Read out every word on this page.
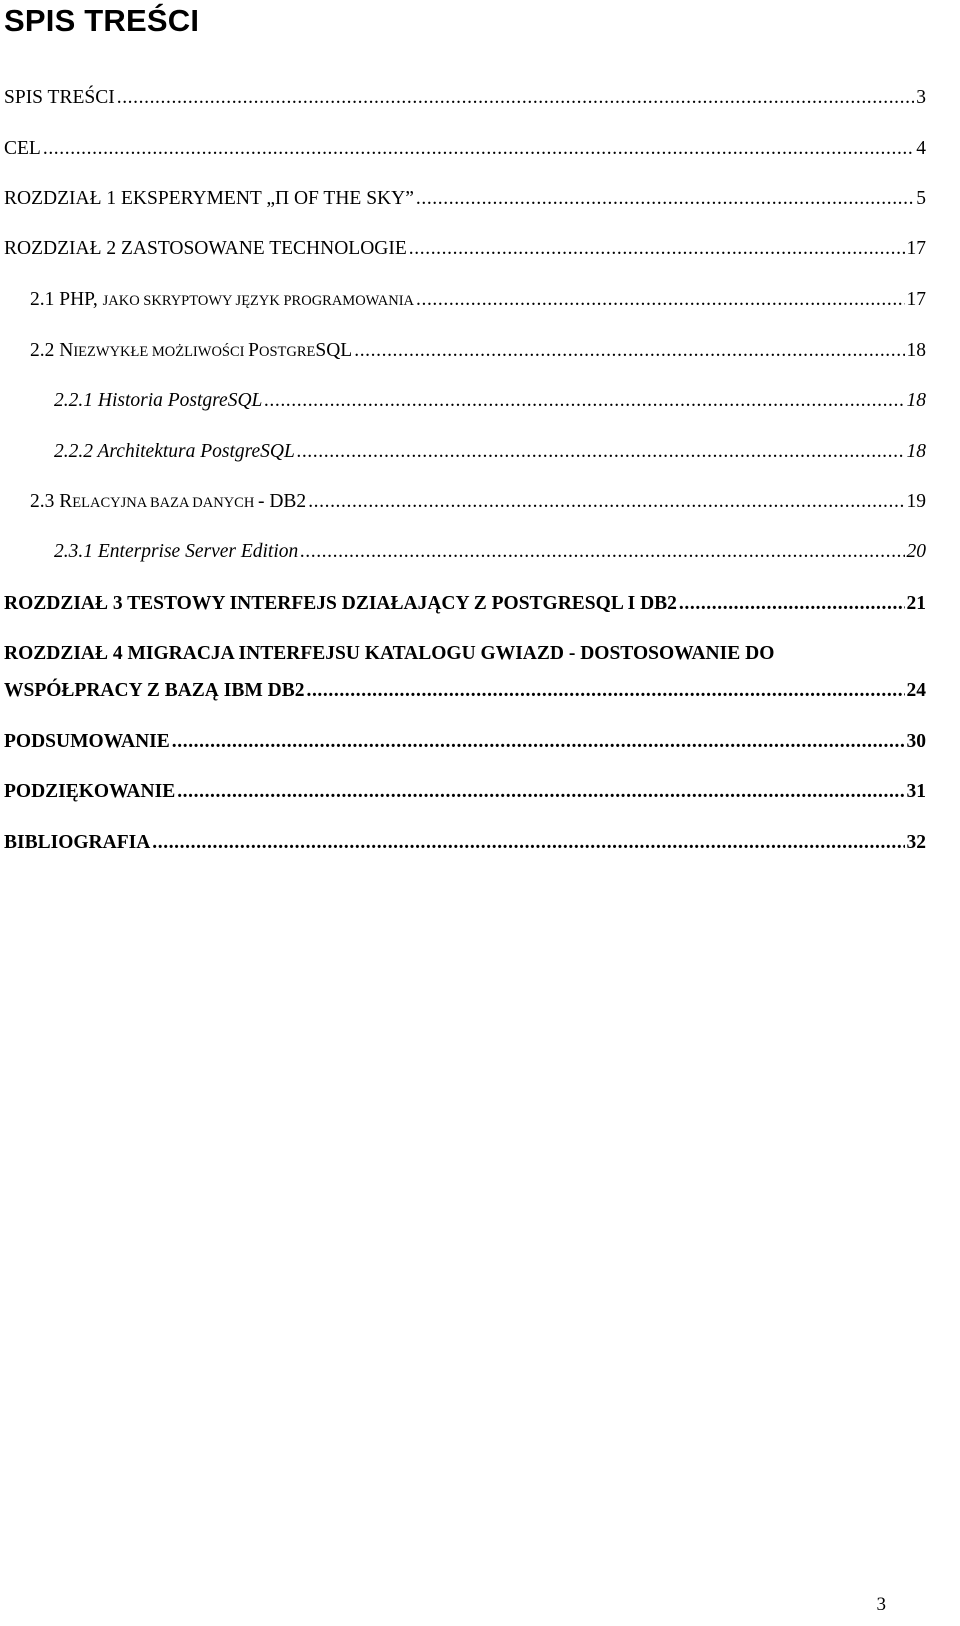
SPIS TREŚCI
SPIS TREŚCI .....	3
CEL .....	4
ROZDZIAŁ 1 EKSPERYMENT „Π OF THE SKY” .....	5
ROZDZIAŁ 2 ZASTOSOWANE TECHNOLOGIE .....	17
2.1 PHP, JAKO SKRYPTOWY JĘZYK PROGRAMOWANIA .....	17
2.2 NIEZWYKŁE MOŻLIWOŚCI POSTGRESQL .....	18
2.2.1 Historia PostgreSQL .....	18
2.2.2 Architektura PostgreSQL .....	18
2.3 RELACYJNA BAZA DANYCH - DB2 .....	19
2.3.1 Enterprise Server Edition .....	20
ROZDZIAŁ 3 TESTOWY INTERFEJS DZIAŁAJĄCY Z POSTGRESQL I DB2 .....	21
ROZDZIAŁ 4 MIGRACJA INTERFEJSU KATALOGU GWIAZD - DOSTOSOWANIE DO
WSPÓŁPRACY Z BAZĄ IBM DB2 .....	24
PODSUMOWANIE .....	30
PODZIĘKOWANIE .....	31
BIBLIOGRAFIA .....	32
3
